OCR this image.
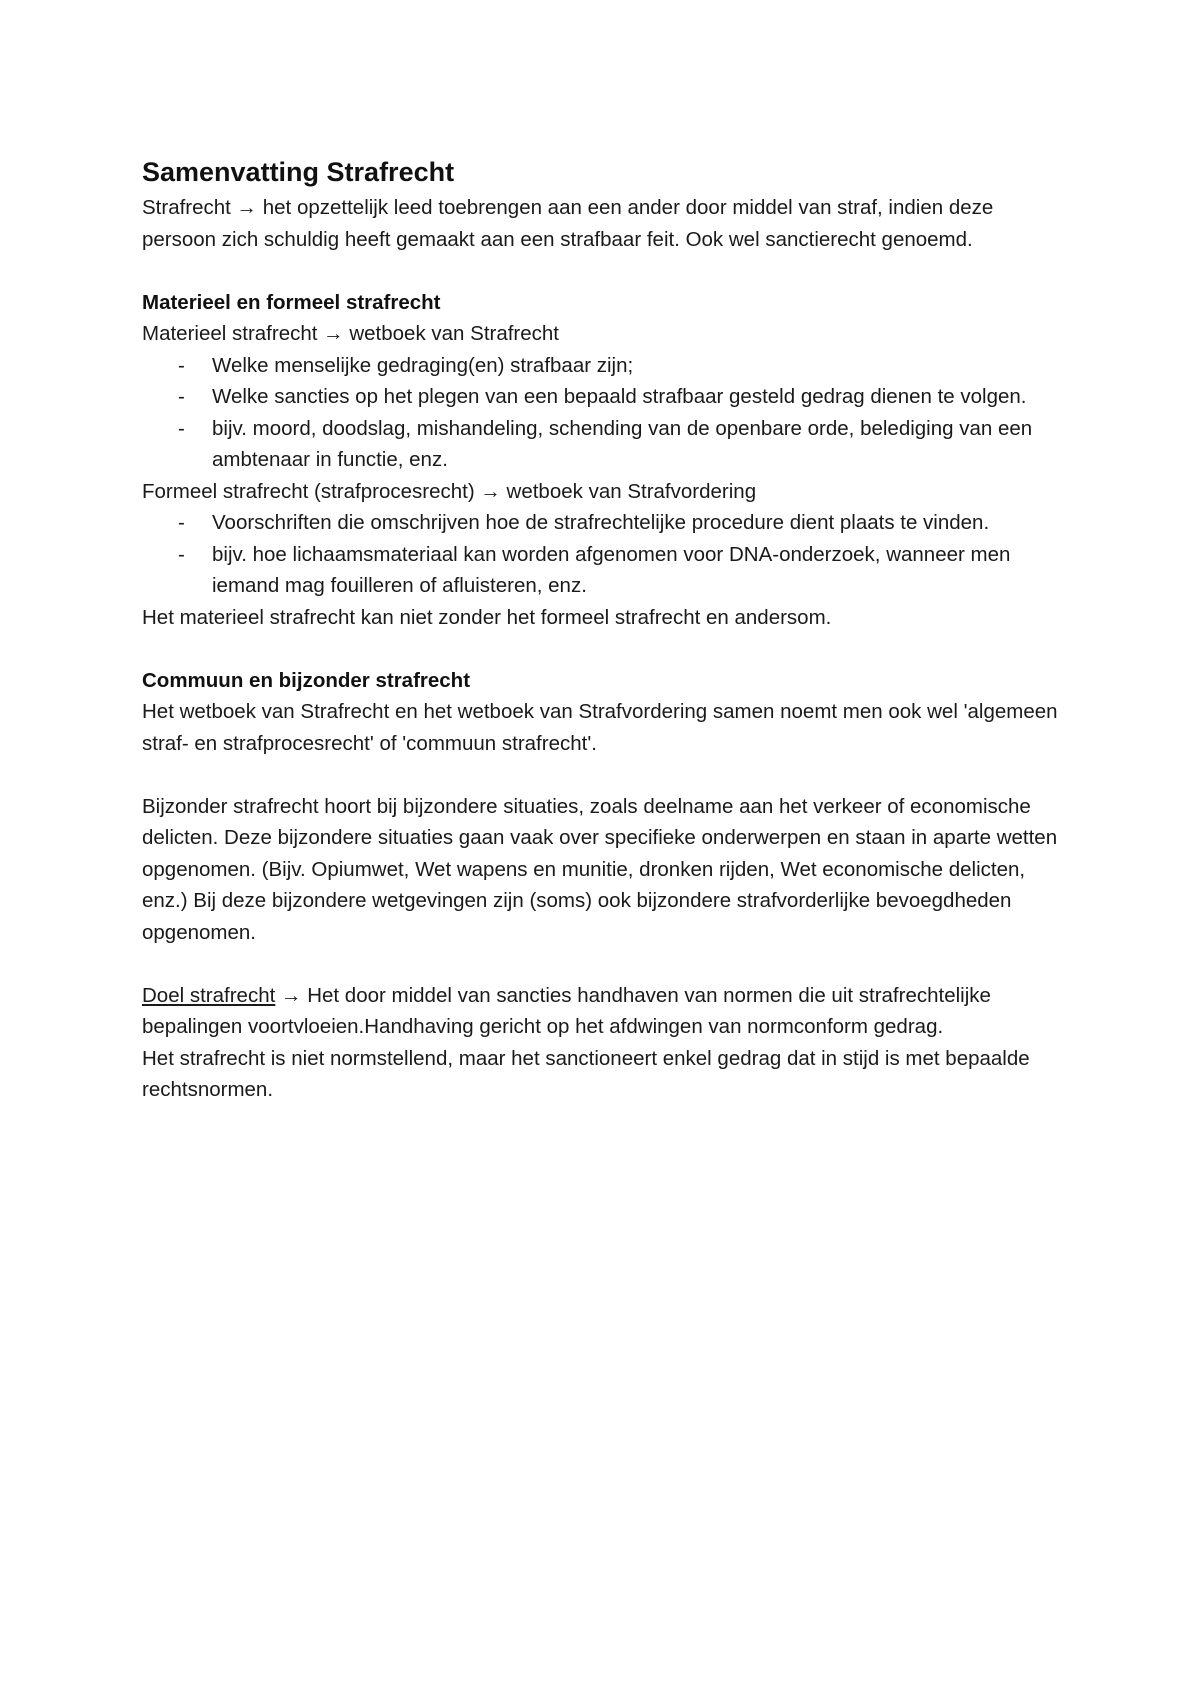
Samenvatting Strafrecht

Strafrecht → het opzettelijk leed toebrengen aan een ander door middel van straf, indien deze persoon zich schuldig heeft gemaakt aan een strafbaar feit. Ook wel sanctierecht genoemd.

Materieel en formeel strafrecht

Materieel strafrecht → wetboek van Strafrecht

- Welke menselijke gedraging(en) strafbaar zijn;
- Welke sancties op het plegen van een bepaald strafbaar gesteld gedrag dienen te volgen.
- bijv. moord, doodslag, mishandeling, schending van de openbare orde, belediging van een ambtenaar in functie, enz.

Formeel strafrecht (strafprocesrecht) → wetboek van Strafvordering

- Voorschriften die omschrijven hoe de strafrechtelijke procedure dient plaats te vinden.
- bijv. hoe lichaamsmateriaal kan worden afgenomen voor DNA-onderzoek, wanneer men iemand mag fouilleren of afluisteren, enz.

Het materieel strafrecht kan niet zonder het formeel strafrecht en andersom.

Commuun en bijzonder strafrecht

Het wetboek van Strafrecht en het wetboek van Strafvordering samen noemt men ook wel 'algemeen straf- en strafprocesrecht' of 'commuun strafrecht'.

Bijzonder strafrecht hoort bij bijzondere situaties, zoals deelname aan het verkeer of economische delicten. Deze bijzondere situaties gaan vaak over specifieke onderwerpen en staan in aparte wetten opgenomen. (Bijv. Opiumwet, Wet wapens en munitie, dronken rijden, Wet economische delicten, enz.) Bij deze bijzondere wetgevingen zijn (soms) ook bijzondere strafvorderlijke bevoegdheden opgenomen.

Doel strafrecht → Het door middel van sancties handhaven van normen die uit strafrechtelijke bepalingen voortvloeien.Handhaving gericht op het afdwingen van normconform gedrag.

Het strafrecht is niet normstellend, maar het sanctioneert enkel gedrag dat in stijd is met bepaalde rechtsnormen.
